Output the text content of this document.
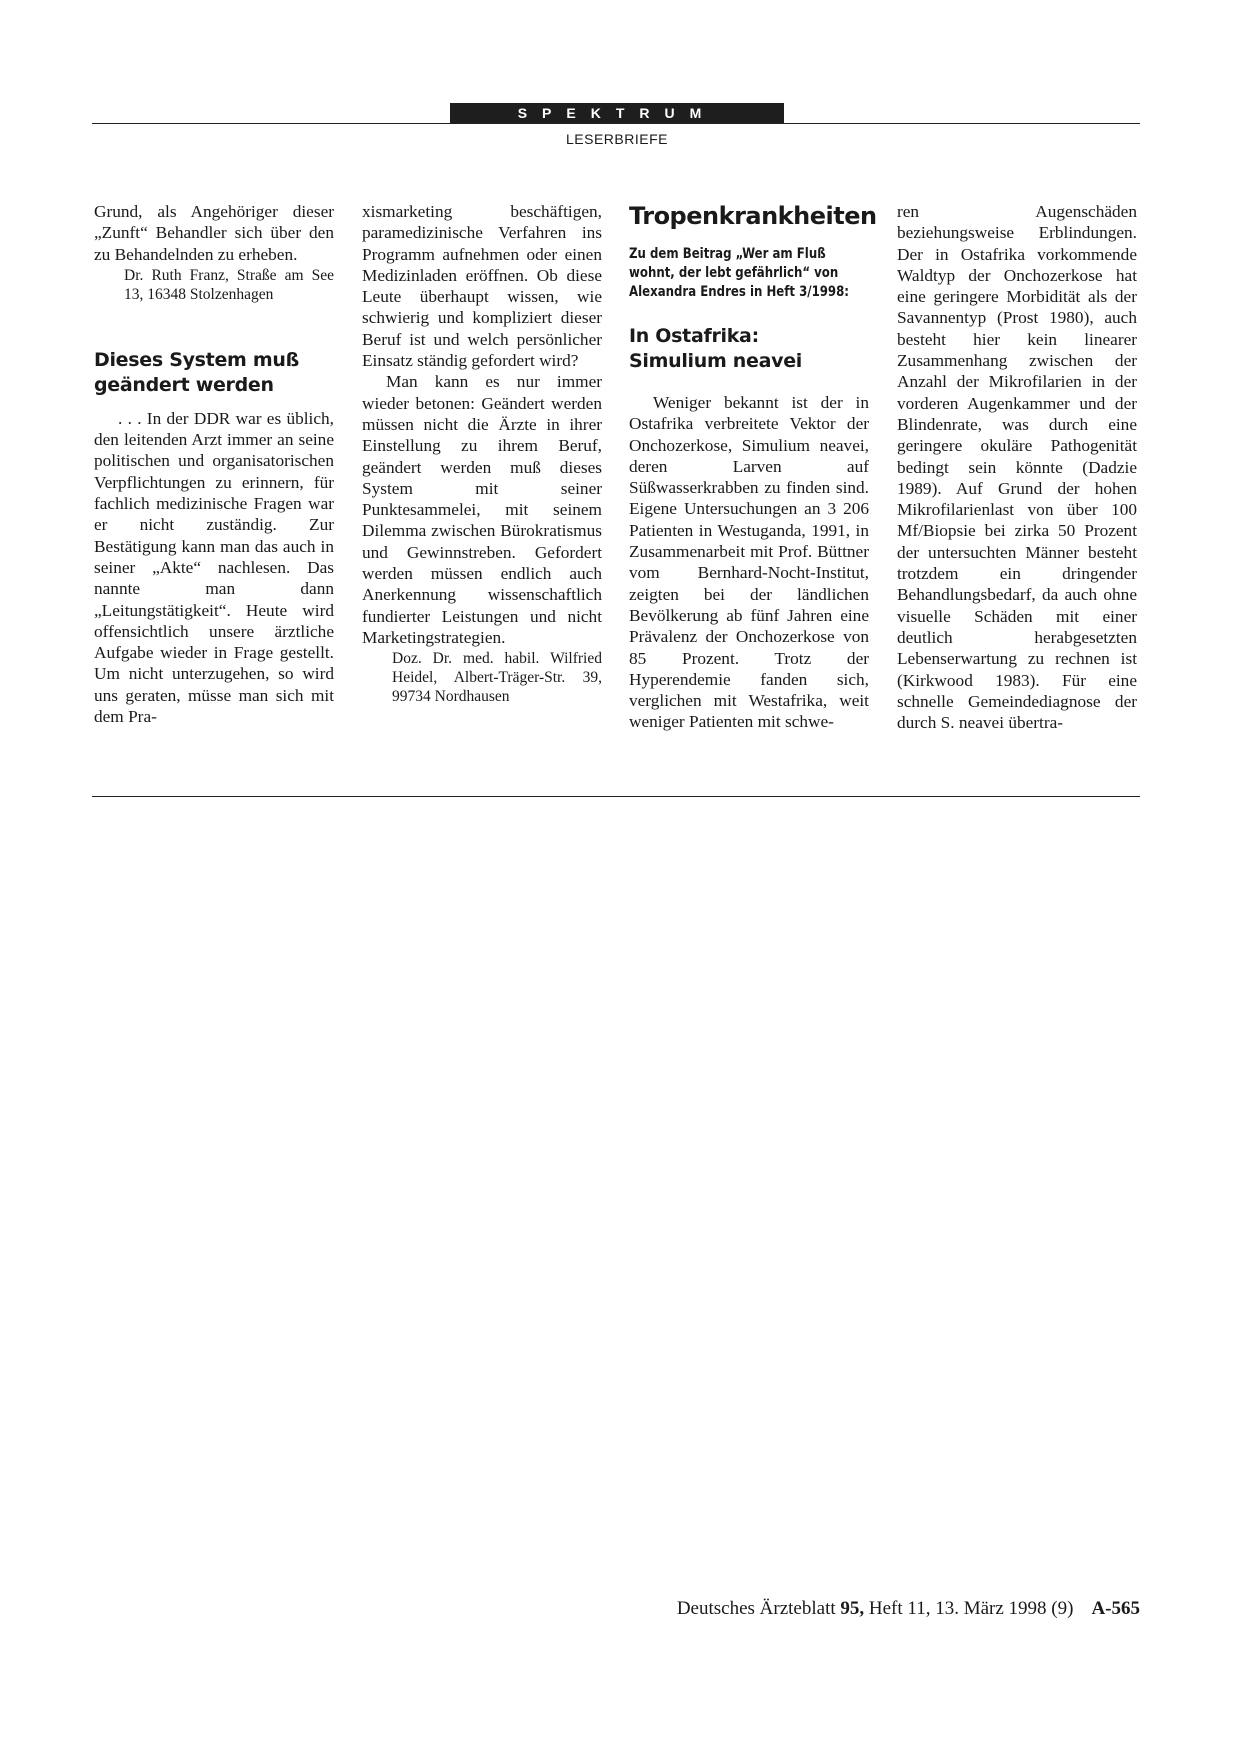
SPEKTRUM
LESERBRIEFE

Grund, als Angehöriger dieser „Zunft“ Behandler sich über den zu Behandelnden zu erheben.

Dr. Ruth Franz, Straße am See 13, 16348 Stolzenhagen
Dieses System muß
geändert werden

. . . In der DDR war es üblich, den leitenden Arzt immer an seine politischen und organisatorischen Verpflichtungen zu erinnern, für fachlich medizinische Fragen war er nicht zuständig. Zur Bestätigung kann man das auch in seiner „Akte“ nachlesen. Das nannte man dann „Leitungstätigkeit“. Heute wird offensichtlich unsere ärztliche Aufgabe wieder in Frage gestellt. Um nicht unterzugehen, so wird uns geraten, müsse man sich mit dem Pra-

xismarketing beschäftigen, paramedizinische Verfahren ins Programm aufnehmen oder einen Medizinladen eröffnen. Ob diese Leute überhaupt wissen, wie schwierig und kompliziert dieser Beruf ist und welch persönlicher Einsatz ständig gefordert wird?

Man kann es nur immer wieder betonen: Geändert werden müssen nicht die Ärzte in ihrer Einstellung zu ihrem Beruf, geändert werden muß dieses System mit seiner Punktesammelei, mit seinem Dilemma zwischen Bürokratismus und Gewinnstreben. Gefordert werden müssen endlich auch Anerkennung wissenschaftlich fundierter Leistungen und nicht Marketingstrategien.

Doz. Dr. med. habil. Wilfried Heidel, Albert-Träger-Str. 39, 99734 Nordhausen
Tropenkrankheiten
Zu dem Beitrag „Wer am Fluß wohnt, der lebt gefährlich“ von Alexandra Endres in Heft 3/1998:
In Ostafrika:
Simulium neavei

Weniger bekannt ist der in Ostafrika verbreitete Vektor der Onchozerkose, Simulium neavei, deren Larven auf Süßwasserkrabben zu finden sind. Eigene Untersuchungen an 3 206 Patienten in Westuganda, 1991, in Zusammenarbeit mit Prof. Büttner vom Bernhard-Nocht-Institut, zeigten bei der ländlichen Bevölkerung ab fünf Jahren eine Prävalenz der Onchozerkose von 85 Prozent. Trotz der Hyperendemie fanden sich, verglichen mit Westafrika, weit weniger Patienten mit schwe-

ren Augenschäden beziehungsweise Erblindungen. Der in Ostafrika vorkommende Waldtyp der Onchozerkose hat eine geringere Morbidität als der Savannentyp (Prost 1980), auch besteht hier kein linearer Zusammenhang zwischen der Anzahl der Mikrofilarien in der vorderen Augenkammer und der Blindenrate, was durch eine geringere okuläre Pathogenität bedingt sein könnte (Dadzie 1989). Auf Grund der hohen Mikrofilarienlast von über 100 Mf/Biopsie bei zirka 50 Prozent der untersuchten Männer besteht trotzdem ein dringender Behandlungsbedarf, da auch ohne visuelle Schäden mit einer deutlich herabgesetzten Lebenserwartung zu rechnen ist (Kirkwood 1983). Für eine schnelle Gemeindediagnose der durch S. neavei übertra-

Deutsches Ärzteblatt 95, Heft 11, 13. März 1998 (9) A-565
